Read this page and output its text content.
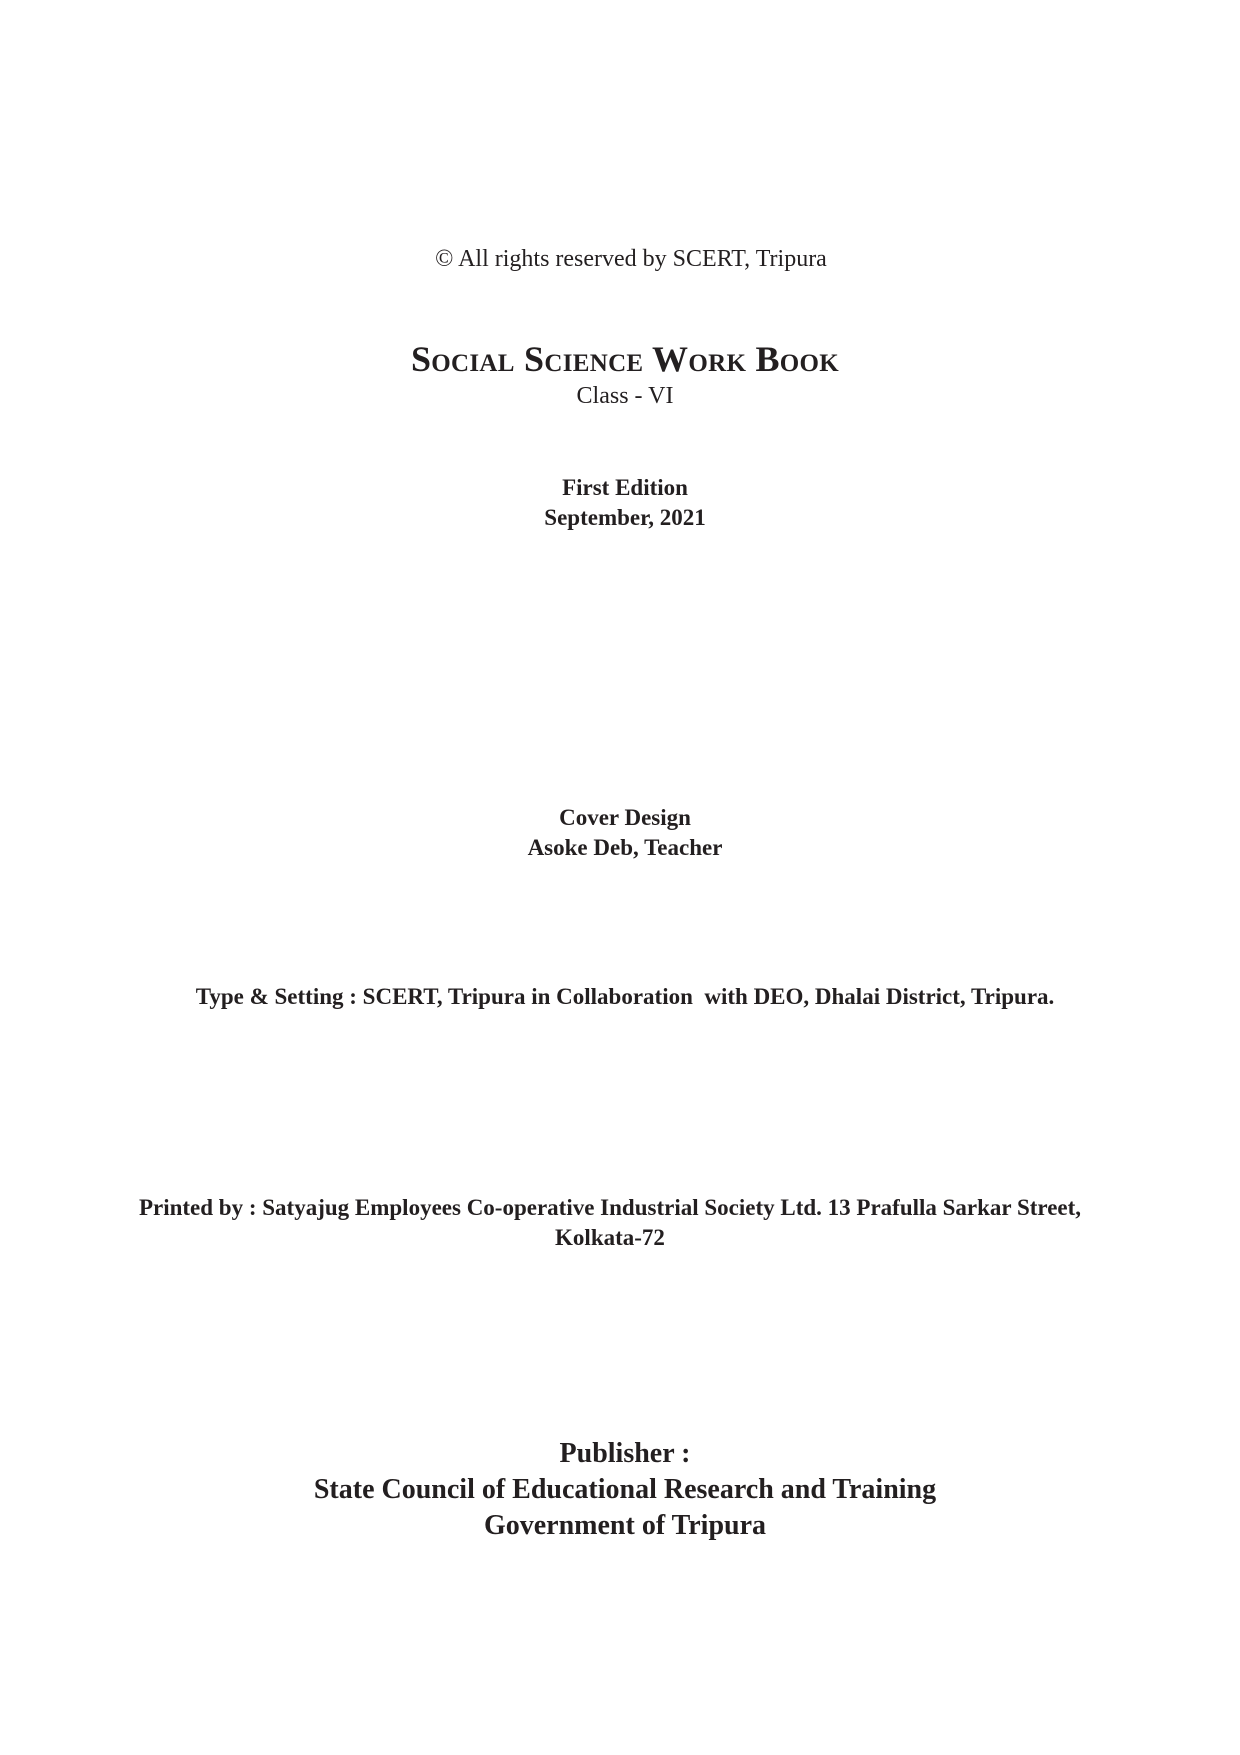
© All rights reserved by SCERT, Tripura
Social Science Work Book
Class - VI
First Edition
September, 2021
Cover Design
Asoke Deb, Teacher
Type & Setting : SCERT, Tripura in Collaboration  with DEO, Dhalai District, Tripura.
Printed by : Satyajug Employees Co-operative Industrial Society Ltd. 13 Prafulla Sarkar Street, Kolkata-72
Publisher :
State Council of Educational Research and Training
Government of Tripura
